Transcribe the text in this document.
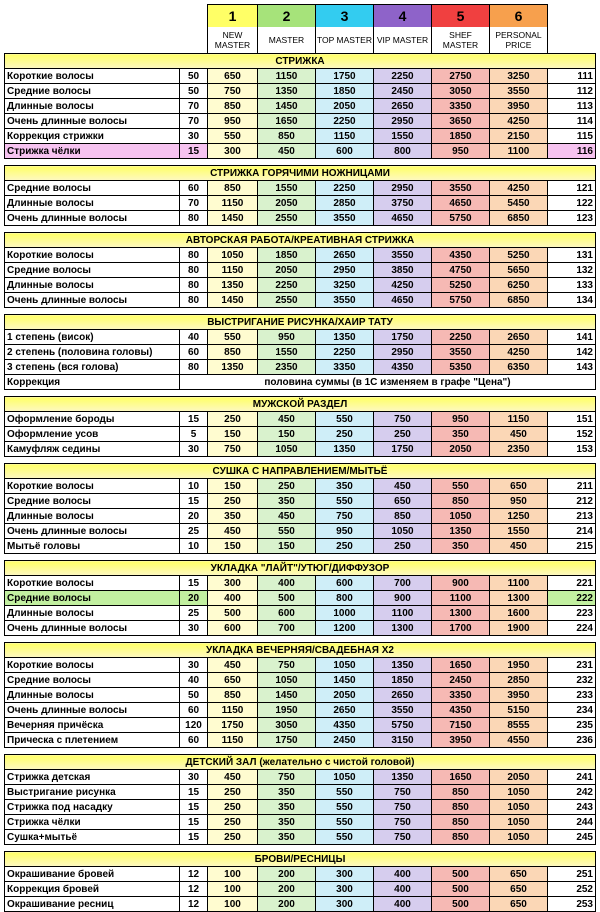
		1	2	3	4	5	6	
		NEW MASTER	MASTER	TOP MASTER	VIP MASTER	SHEF MASTER	PERSONAL PRICE	
СТРИЖКА								
Короткие волосы	50	650	1150	1750	2250	2750	3250	111
Средние волосы	50	750	1350	1850	2450	3050	3550	112
Длинные волосы	70	850	1450	2050	2650	3350	3950	113
Очень длинные волосы	70	950	1650	2250	2950	3650	4250	114
Коррекция стрижки	30	550	850	1150	1550	1850	2150	115
Стрижка чёлки	15	300	450	600	800	950	1100	116

СТРИЖКА ГОРЯЧИМИ НОЖНИЦАМИ								
Средние волосы	60	850	1550	2250	2950	3550	4250	121
Длинные волосы	70	1150	2050	2850	3750	4650	5450	122
Очень длинные волосы	80	1450	2550	3550	4650	5750	6850	123

АВТОРСКАЯ РАБОТА/КРЕАТИВНАЯ СТРИЖКА								
Короткие волосы	80	1050	1850	2650	3550	4350	5250	131
Средние волосы	80	1150	2050	2950	3850	4750	5650	132
Длинные волосы	80	1350	2250	3250	4250	5250	6250	133
Очень длинные волосы	80	1450	2550	3550	4650	5750	6850	134

ВЫСТРИГАНИЕ РИСУНКА/ХАИР ТАТУ								
1 степень (висок)	40	550	950	1350	1750	2250	2650	141
2 степень (половина головы)	60	850	1550	2250	2950	3550	4250	142
3 степень (вся голова)	80	1350	2350	3350	4350	5350	6350	143
Коррекция	половина суммы (в 1С изменяем в графе "Цена")							

МУЖСКОЙ РАЗДЕЛ								
Оформление бороды	15	250	450	550	750	950	1150	151
Оформление усов	5	150	150	250	250	350	450	152
Камуфляж седины	30	750	1050	1350	1750	2050	2350	153

СУШКА С НАПРАВЛЕНИЕМ/МЫТЬЁ								
Короткие волосы	10	150	250	350	450	550	650	211
Средние волосы	15	250	350	550	650	850	950	212
Длинные волосы	20	350	450	750	850	1050	1250	213
Очень длинные волосы	25	450	550	950	1050	1350	1550	214
Мытьё головы	10	150	150	250	250	350	450	215

УКЛАДКА "ЛАЙТ"/УТЮГ/ДИФФУЗОР								
Короткие волосы	15	300	400	600	700	900	1100	221
Средние волосы	20	400	500	800	900	1100	1300	222
Длинные волосы	25	500	600	1000	1100	1300	1600	223
Очень длинные волосы	30	600	700	1200	1300	1700	1900	224

УКЛАДКА ВЕЧЕРНЯЯ/СВАДЕБНАЯ Х2								
Короткие волосы	30	450	750	1050	1350	1650	1950	231
Средние волосы	40	650	1050	1450	1850	2450	2850	232
Длинные волосы	50	850	1450	2050	2650	3350	3950	233
Очень длинные волосы	60	1150	1950	2650	3550	4350	5150	234
Вечерняя причёска	120	1750	3050	4350	5750	7150	8555	235
Прическа с плетением	60	1150	1750	2450	3150	3950	4550	236

ДЕТСКИЙ ЗАЛ (желательно с чистой головой)								
Стрижка детская	30	450	750	1050	1350	1650	2050	241
Выстригание рисунка	15	250	350	550	750	850	1050	242
Стрижка под насадку	15	250	350	550	750	850	1050	243
Стрижка чёлки	15	250	350	550	750	850	1050	244
Сушка+мытьё	15	250	350	550	750	850	1050	245

БРОВИ/РЕСНИЦЫ								
Окрашивание бровей	12	100	200	300	400	500	650	251
Коррекция бровей	12	100	200	300	400	500	650	252
Окрашивание ресниц	12	100	200	300	400	500	650	253
